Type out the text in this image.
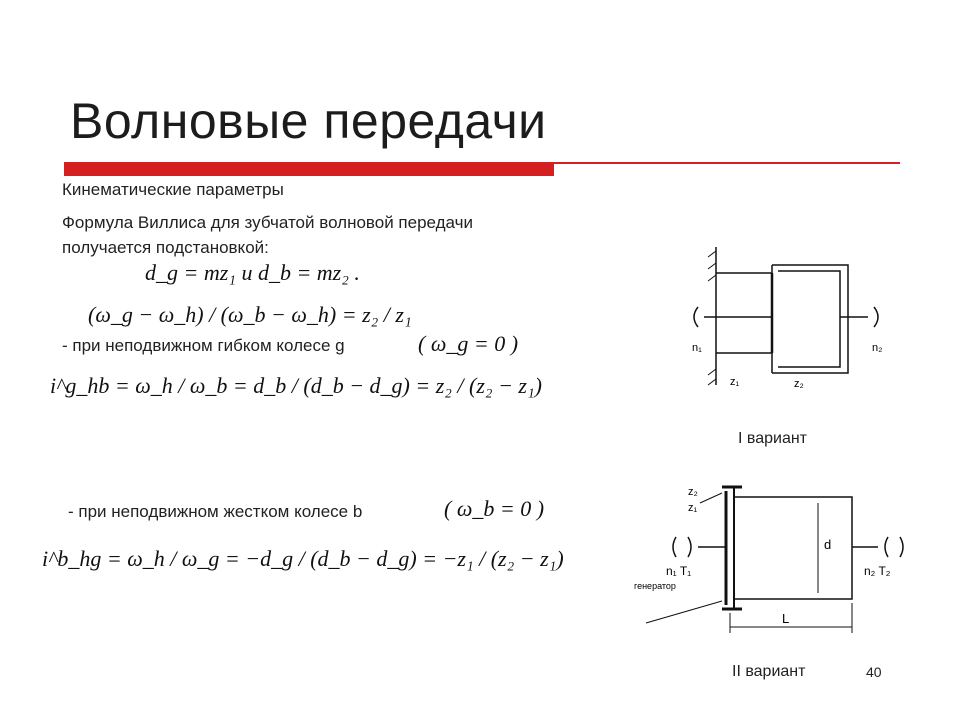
Волновые передачи
Кинематические параметры
Формула Виллиса для зубчатой волновой передачи
получается подстановкой:
d_g = mz₁ и d_b = mz₂ .
(ω_g − ω_h) / (ω_b − ω_h) = z₂ / z₁
- при неподвижном гибком колесе g	( ω_g = 0 )
i^g_hb = ω_h / ω_b = d_b / (d_b − d_g) = z₂ / (z₂ − z₁)
- при неподвижном жестком колесе b	( ω_b = 0 )
i^b_hg = ω_h / ω_g = −d_g / (d_b − d_g) = −z₁ / (z₂ − z₁)
n₁	n₂
z₁	z₂
I вариант
z₂
z₁
n₁ T₁	n₂ T₂
генератор
d
L
II вариант	40
